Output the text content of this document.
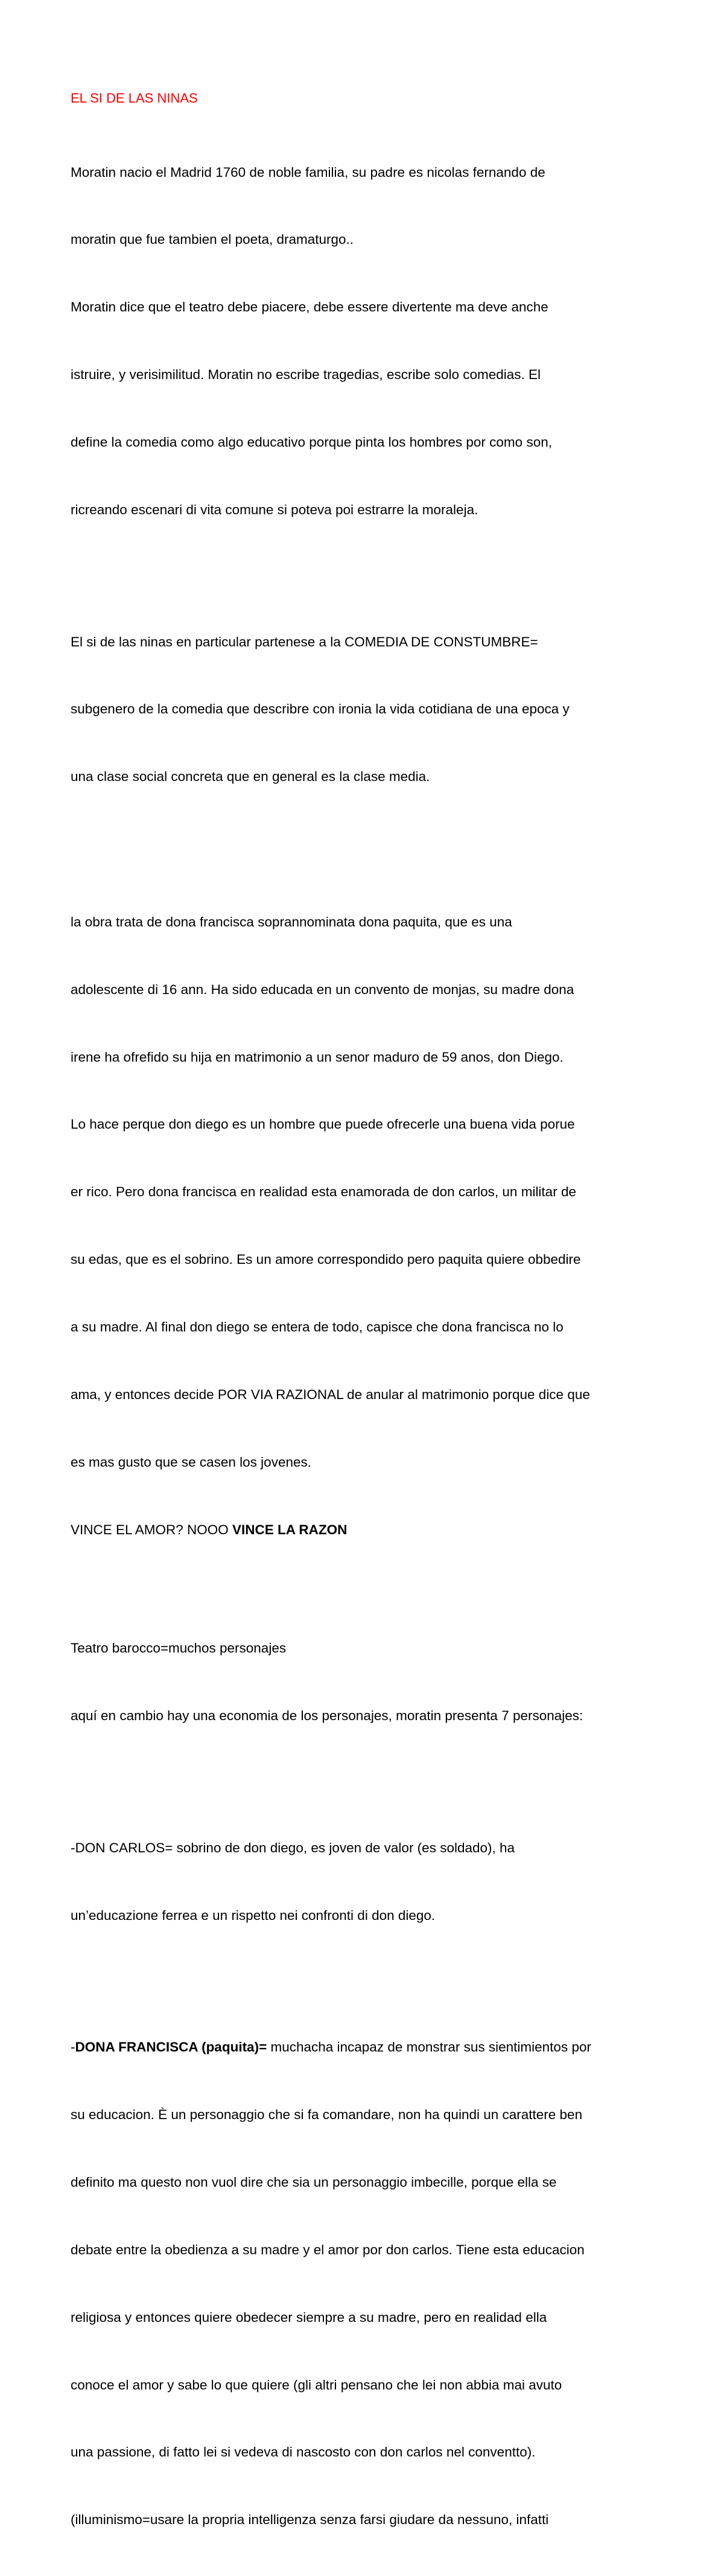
EL SI DE LAS NINAS

Moratin nacio el Madrid 1760 de noble familia, su padre es nicolas fernando de

moratin que fue tambien el poeta, dramaturgo..

Moratin dice que el teatro debe piacere, debe essere divertente ma deve anche

istruire, y verisimilitud. Moratin no escribe tragedias, escribe solo comedias. El

define la comedia como algo educativo porque pinta los hombres por como son,

ricreando escenari di vita comune si poteva poi estrarre la moraleja.

El si de las ninas en particular partenese a la COMEDIA DE CONSTUMBRE=

subgenero de la comedia que describre con ironia la vida cotidiana de una epoca y

una clase social concreta que en general es la clase media.

la obra trata de dona francisca soprannominata dona paquita, que es una

adolescente di 16 ann. Ha sido educada en un convento de monjas, su madre dona

irene ha ofrefido su hija en matrimonio a un senor maduro de 59 anos, don Diego.

Lo hace perque don diego es un hombre que puede ofrecerle una buena vida porue

er rico. Pero dona francisca en realidad esta enamorada de don carlos, un militar de

su edas, que es el sobrino. Es un amore correspondido pero paquita quiere obbedire

a su madre. Al final don diego se entera de todo, capisce che dona francisca no lo

ama, y entonces decide POR VIA RAZIONAL de anular al matrimonio porque dice que

es mas gusto que se casen los jovenes.

VINCE EL AMOR? NOOO VINCE LA RAZON

Teatro barocco=muchos personajes

aquí en cambio hay una economia de los personajes, moratin presenta 7 personajes:

-DON CARLOS= sobrino de don diego, es joven de valor (es soldado), ha

un’educazione ferrea e un rispetto nei confronti di don diego.

-DONA FRANCISCA (paquita)= muchacha incapaz de monstrar sus sientimientos por

su educacion. È un personaggio che si fa comandare, non ha quindi un carattere ben

definito ma questo non vuol dire che sia un personaggio imbecille, porque ella se

debate entre la obedienza a su madre y el amor por don carlos. Tiene esta educacion

religiosa y entonces quiere obedecer siempre a su madre, pero en realidad ella

conoce el amor y sabe lo que quiere (gli altri pensano che lei non abbia mai avuto

una passione, di fatto lei si vedeva di nascosto con don carlos nel conventto).

(illuminismo=usare la propria intelligenza senza farsi giudare da nessuno, infatti
